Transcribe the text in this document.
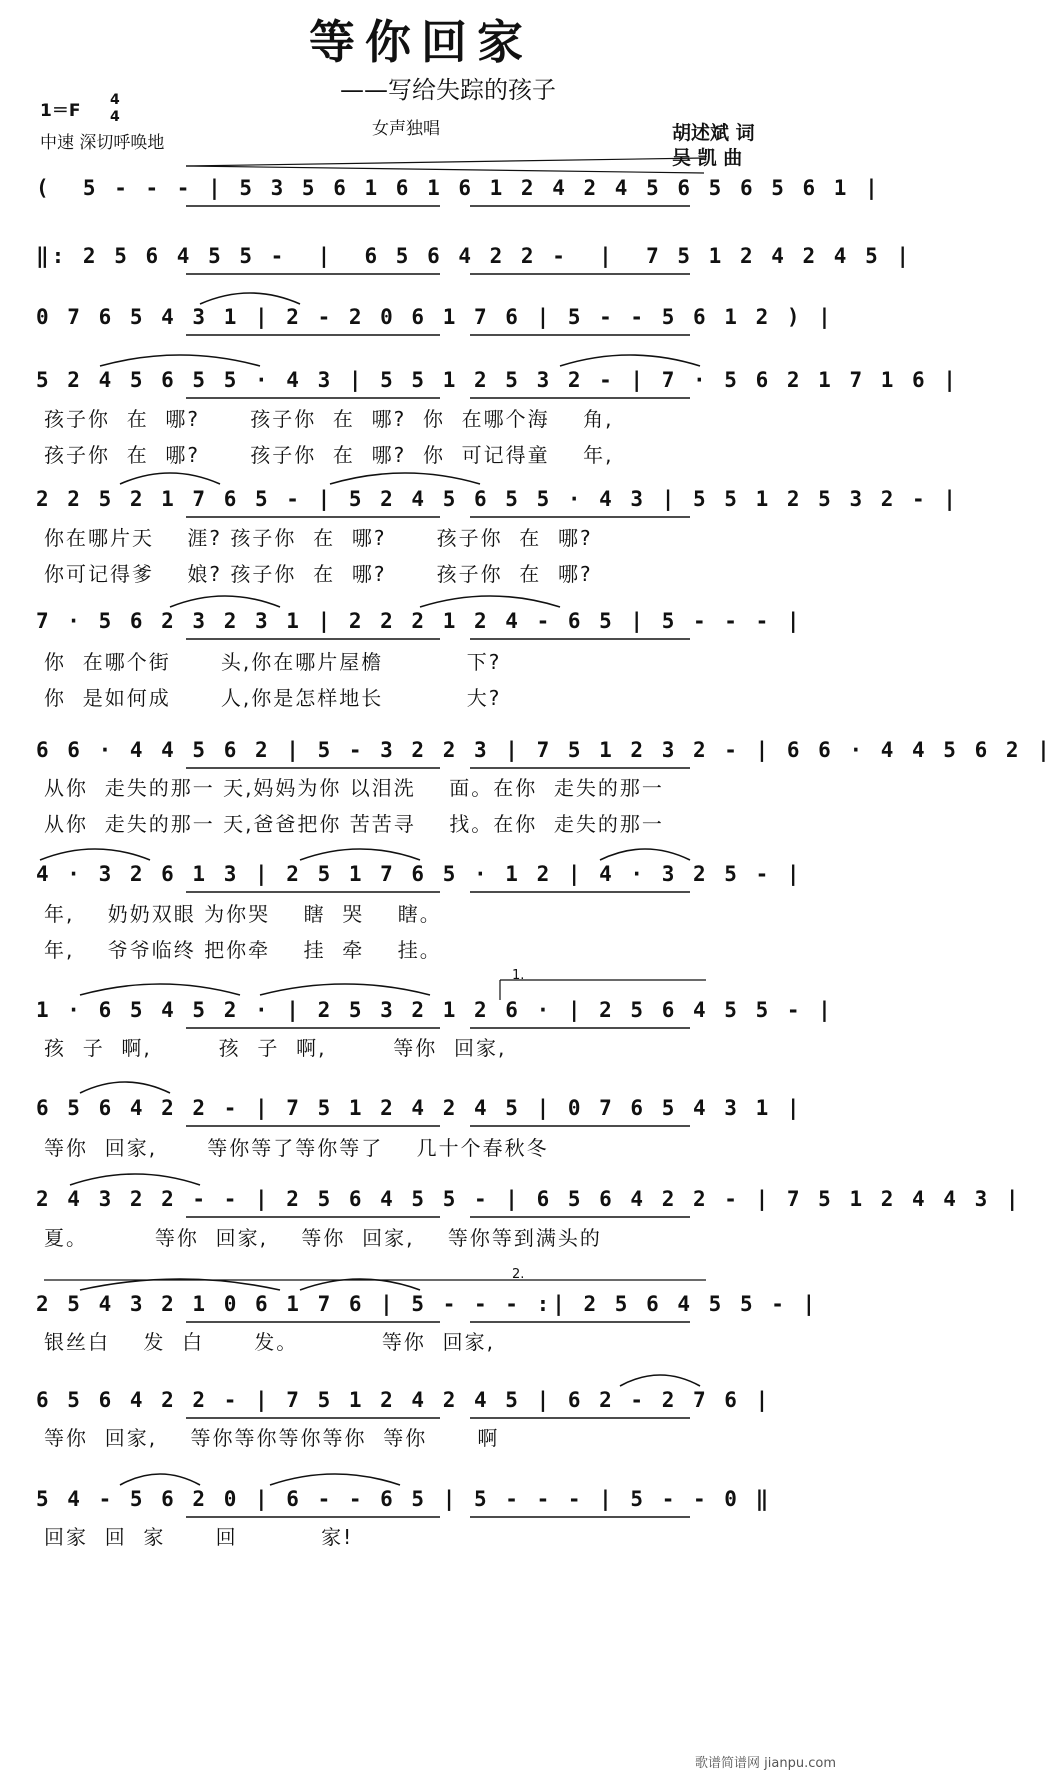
等你回家
——写给失踪的孩子
1＝F
4
4
中速 深切呼唤地
女声独唱	胡述斌 词
吴 凯 曲
(  5 - - - | 5 3 5 6 1 6 1 6 1 2 4 2 4 5 6 5 6 5 6 1 |
‖: 2 5 6 4 5 5 -  |  6 5 6 4 2 2 -  |  7 5 1 2 4 2 4 5 |
0 7 6 5 4 3 1 | 2 - 2 0 6 1 7 6 | 5 - - 5 6 1 2 ) |
5 2 4 5 6 5 5 · 4 3 | 5 5 1 2 5 3 2 - | 7 · 5 6 2 1 7 1 6 |
孩子你  在  哪?      孩子你  在  哪?  你  在哪个海    角,
孩子你  在  哪?      孩子你  在  哪?  你  可记得童    年,
2 2 5 2 1 7 6 5 - | 5 2 4 5 6 5 5 · 4 3 | 5 5 1 2 5 3 2 - |
你在哪片天    涯? 孩子你  在  哪?      孩子你  在  哪?
你可记得爹    娘? 孩子你  在  哪?      孩子你  在  哪?
7 · 5 6 2 3 2 3 1 | 2 2 2 1 2 4 - 6 5 | 5 - - - |
你  在哪个街      头,你在哪片屋檐          下?
你  是如何成      人,你是怎样地长          大?
6 6 · 4 4 5 6 2 | 5 - 3 2 2 3 | 7 5 1 2 3 2 - | 6 6 · 4 4 5 6 2 |
从你  走失的那一 天,妈妈为你 以泪洗    面。在你  走失的那一
从你  走失的那一 天,爸爸把你 苦苦寻    找。在你  走失的那一
4 · 3 2 6 1 3 | 2 5 1 7 6 5 · 1 2 | 4 · 3 2 5 - |
年,    奶奶双眼 为你哭    瞎  哭    瞎。
年,    爷爷临终 把你牵    挂  牵    挂。
1 · 6 5 4 5 2 · | 2 5 3 2 1 2 6 · | 2 5 6 4 5 5 - |
孩  子  啊,        孩  子  啊,        等你  回家,
6 5 6 4 2 2 - | 7 5 1 2 4 2 4 5 | 0 7 6 5 4 3 1 |
等你  回家,      等你等了等你等了    几十个春秋冬
2 4 3 2 2 - - | 2 5 6 4 5 5 - | 6 5 6 4 2 2 - | 7 5 1 2 4 4 3 |
夏。        等你  回家,    等你  回家,    等你等到满头的
2 5 4 3 2 1 0 6 1 7 6 | 5 - - - :| 2 5 6 4 5 5 - |
银丝白    发  白      发。          等你  回家,
6 5 6 4 2 2 - | 7 5 1 2 4 2 4 5 | 6 2 - 2 7 6 |
等你  回家,    等你等你等你等你  等你      啊
5 4 - 5 6 2 0 | 6 - - 6 5 | 5 - - - | 5 - - 0 ‖
回家  回  家      回          家!
1.
2.
歌谱简谱网 jianpu.com
